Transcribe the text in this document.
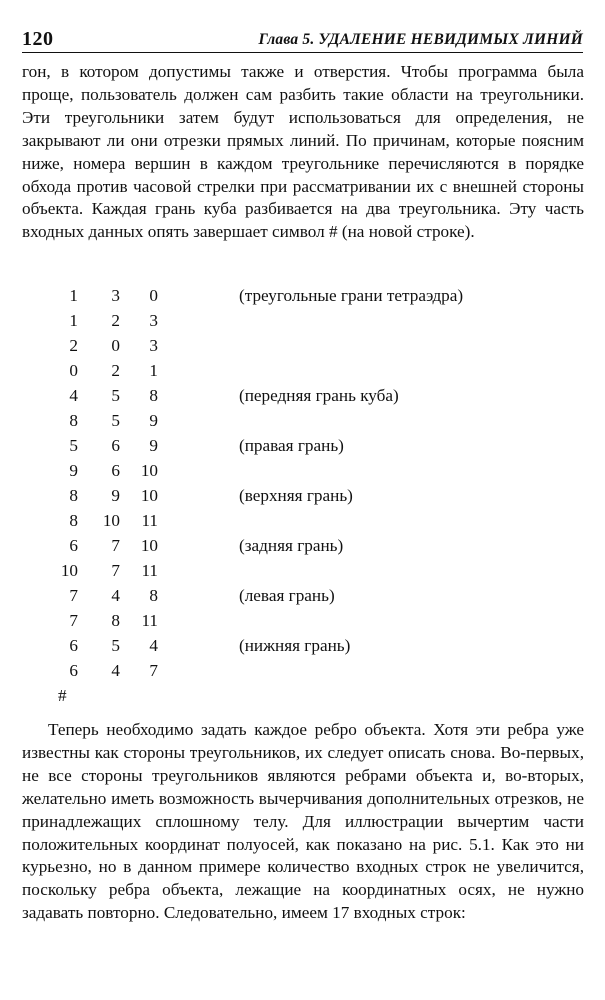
120	Глава 5. УДАЛЕНИЕ НЕВИДИМЫХ ЛИНИЙ

гон, в котором допустимы также и отверстия. Чтобы программа была проще, пользователь должен сам разбить такие области на треугольники. Эти треугольники затем будут использоваться для определения, не закрывают ли они отрезки прямых линий. По причинам, которые поясним ниже, номера вершин в каждом треугольнике перечисляются в порядке обхода против часовой стрелки при рассматривании их с внешней стороны объекта. Каждая грань куба разбивается на два треугольника. Эту часть входных данных опять завершает символ # (на новой строке).

1	3	0	(треугольные грани тетраэдра)
1	2	3
2	0	3
0	2	1
4	5	8	(передняя грань куба)
8	5	9
5	6	9	(правая грань)
9	6	10
8	9	10	(верхняя грань)
8	10	11
6	7	10	(задняя грань)
10	7	11
7	4	8	(левая грань)
7	8	11
6	5	4	(нижняя грань)
6	4	7
#

Теперь необходимо задать каждое ребро объекта. Хотя эти ребра уже известны как стороны треугольников, их следует описать снова. Во-первых, не все стороны треугольников являются ребрами объекта и, во-вторых, желательно иметь возможность вычерчивания дополнительных отрезков, не принадлежащих сплошному телу. Для иллюстрации вычертим части положительных координат полуосей, как показано на рис. 5.1. Как это ни курьезно, но в данном примере количество входных строк не увеличится, поскольку ребра объекта, лежащие на координатных осях, не нужно задавать повторно. Следовательно, имеем 17 входных строк:
